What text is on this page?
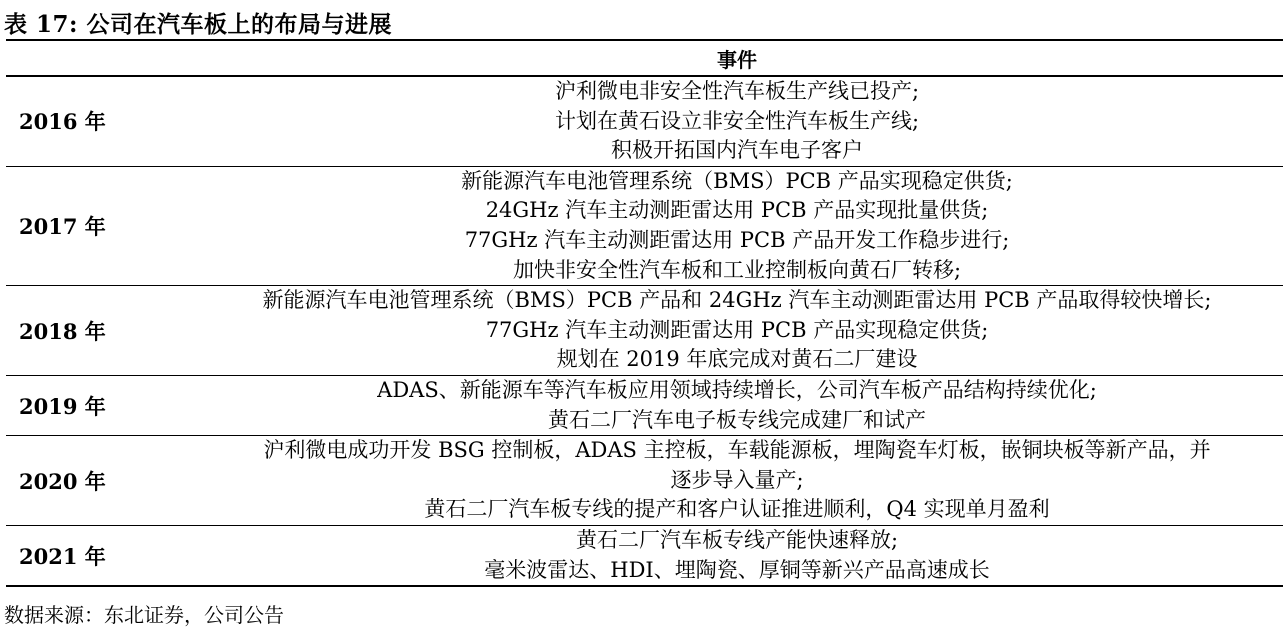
表 17: 公司在汽车板上的布局与进展
	事件
2016 年	沪利微电非安全性汽车板生产线已投产;
计划在黄石设立非安全性汽车板生产线;
积极开拓国内汽车电子客户

2017 年	新能源汽车电池管理系统（BMS）PCB 产品实现稳定供货;
24GHz 汽车主动测距雷达用 PCB 产品实现批量供货;
77GHz 汽车主动测距雷达用 PCB 产品开发工作稳步进行;
加快非安全性汽车板和工业控制板向黄石厂转移;

2018 年	新能源汽车电池管理系统（BMS）PCB 产品和 24GHz 汽车主动测距雷达用 PCB 产品取得较快增长;
77GHz 汽车主动测距雷达用 PCB 产品实现稳定供货;
规划在 2019 年底完成对黄石二厂建设

2019 年	ADAS、新能源车等汽车板应用领域持续增长，公司汽车板产品结构持续优化;
黄石二厂汽车电子板专线完成建厂和试产

2020 年	沪利微电成功开发 BSG 控制板，ADAS 主控板，车载能源板，埋陶瓷车灯板，嵌铜块板等新产品，并
逐步导入量产;
黄石二厂汽车板专线的提产和客户认证推进顺利，Q4 实现单月盈利

2021 年	黄石二厂汽车板专线产能快速释放;
毫米波雷达、HDI、埋陶瓷、厚铜等新兴产品高速成长
数据来源：东北证券，公司公告
